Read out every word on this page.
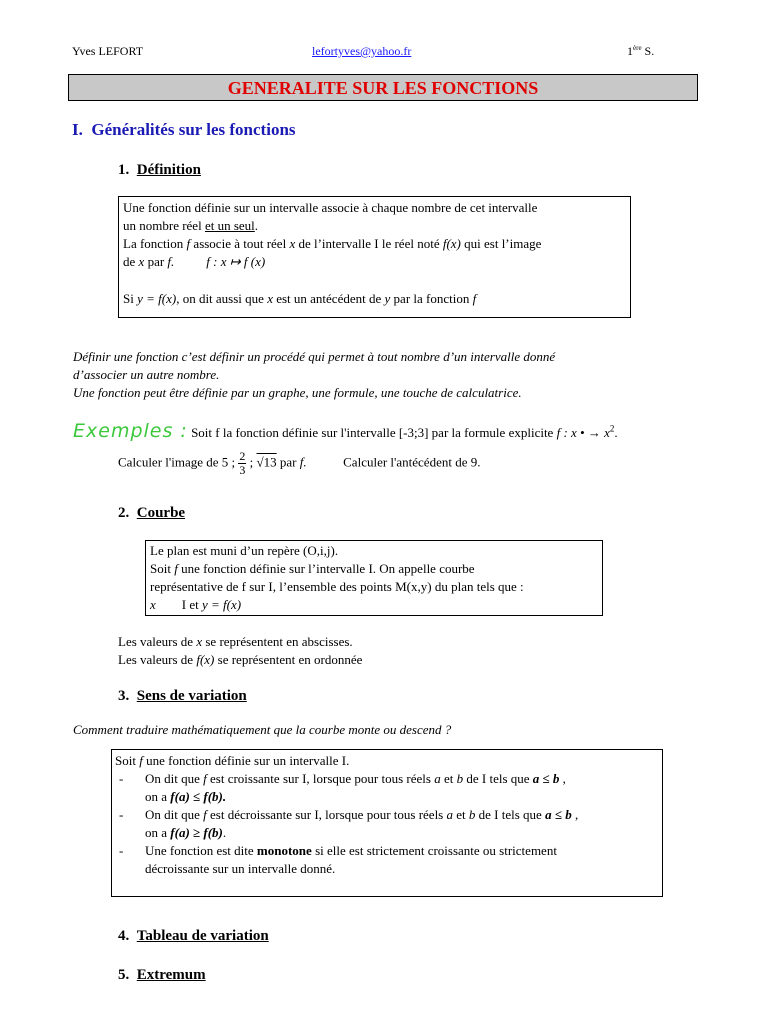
Yves LEFORT	lefortyves@yahoo.fr	1ère S.
GENERALITE SUR LES FONCTIONS
I. Généralités sur les fonctions
1. Définition
Une fonction définie sur un intervalle associe à chaque nombre de cet intervalle
un nombre réel et un seul.
La fonction f associe à tout réel x de l’intervalle I le réel noté f(x) qui est l’image
de x par f. f : x ↦ f (x)
Si y = f(x), on dit aussi que x est un antécédent de y par la fonction f
Définir une fonction c’est définir un procédé qui permet à tout nombre d’un intervalle donné
d’associer un autre nombre.
Une fonction peut être définie par un graphe, une formule, une touche de calculatrice.
Exemples : Soit f la fonction définie sur l'intervalle [-3;3] par la formule explicite f : x • → $x^2$.
Calculer l'image de 5 ; $\frac{2}{3}$ ; √13 par f.	Calculer l'antécédent de 9.
2. Courbe
Le plan est muni d’un repère (O,i,j).
Soit f une fonction définie sur l’intervalle I. On appelle courbe
représentative de f sur I, l’ensemble des points M(x,y) du plan tels que :
x I et y = f(x)
Les valeurs de x se représentent en abscisses.
Les valeurs de f(x) se représentent en ordonnée
3. Sens de variation
Comment traduire mathématiquement que la courbe monte ou descend ?
Soit f une fonction définie sur un intervalle I.
-	On dit que f est croissante sur I, lorsque pour tous réels a et b de I tels que a ≤ b ,
on a f(a) ≤ f(b).
-	On dit que f est décroissante sur I, lorsque pour tous réels a et b de I tels que a ≤ b ,
on a f(a) ≥ f(b).
-	Une fonction est dite monotone si elle est strictement croissante ou strictement
décroissante sur un intervalle donné.
4. Tableau de variation
5. Extremum
